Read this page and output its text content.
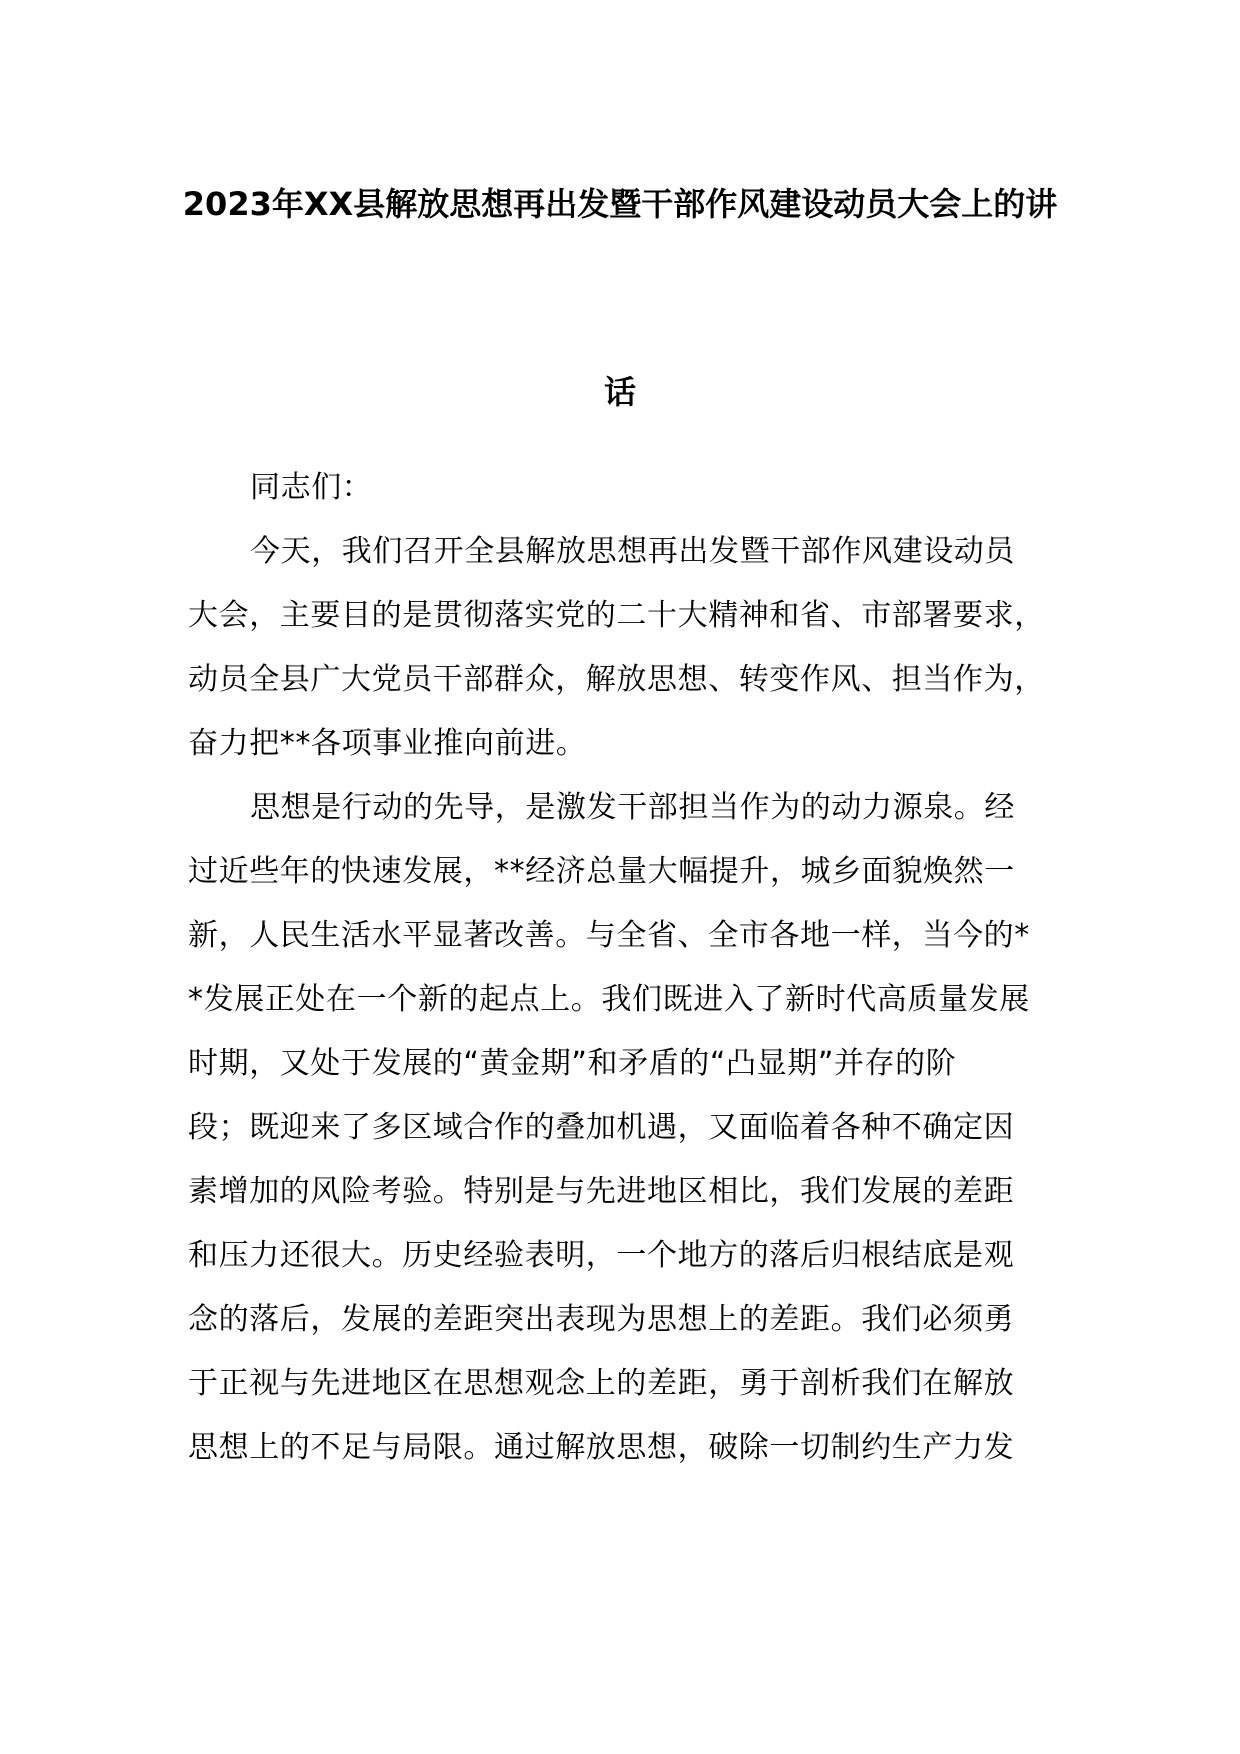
2023年XX县解放思想再出发暨干部作风建设动员大会上的讲
话
同志们：
今天，我们召开全县解放思想再出发暨干部作风建设动员
大会，主要目的是贯彻落实党的二十大精神和省、市部署要求，
动员全县广大党员干部群众，解放思想、转变作风、担当作为，
奋力把**各项事业推向前进。
思想是行动的先导，是激发干部担当作为的动力源泉。经
过近些年的快速发展，**经济总量大幅提升，城乡面貌焕然一
新，人民生活水平显著改善。与全省、全市各地一样，当今的*
*发展正处在一个新的起点上。我们既进入了新时代高质量发展
时期，又处于发展的“黄金期”和矛盾的“凸显期”并存的阶
段；既迎来了多区域合作的叠加机遇，又面临着各种不确定因
素增加的风险考验。特别是与先进地区相比，我们发展的差距
和压力还很大。历史经验表明，一个地方的落后归根结底是观
念的落后，发展的差距突出表现为思想上的差距。我们必须勇
于正视与先进地区在思想观念上的差距，勇于剖析我们在解放
思想上的不足与局限。通过解放思想，破除一切制约生产力发
